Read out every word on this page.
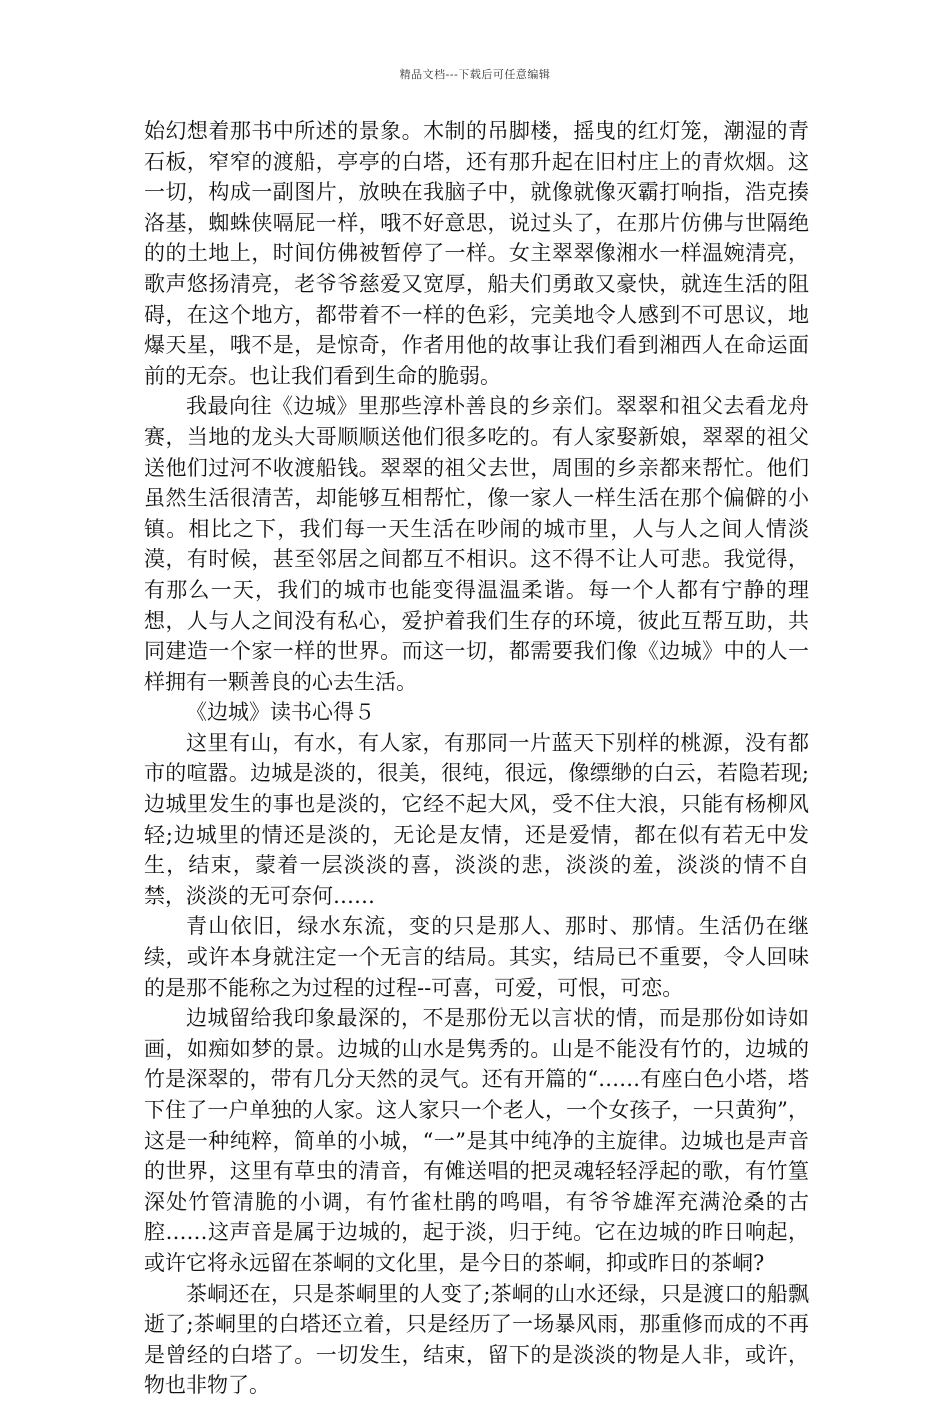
精品文档---下载后可任意编辑

始幻想着那书中所述的景象。木制的吊脚楼，摇曳的红灯笼，潮湿的青石板，窄窄的渡船，亭亭的白塔，还有那升起在旧村庄上的青炊烟。这一切，构成一副图片，放映在我脑子中，就像就像灭霸打响指，浩克揍洛基，蜘蛛侠嗝屁一样，哦不好意思，说过头了，在那片仿佛与世隔绝的的土地上，时间仿佛被暂停了一样。女主翠翠像湘水一样温婉清亮，歌声悠扬清亮，老爷爷慈爱又宽厚，船夫们勇敢又豪快，就连生活的阻碍，在这个地方，都带着不一样的色彩，完美地令人感到不可思议，地爆天星，哦不是，是惊奇，作者用他的故事让我们看到湘西人在命运面前的无奈。也让我们看到生命的脆弱。

我最向往《边城》里那些淳朴善良的乡亲们。翠翠和祖父去看龙舟赛，当地的龙头大哥顺顺送他们很多吃的。有人家娶新娘，翠翠的祖父送他们过河不收渡船钱。翠翠的祖父去世，周围的乡亲都来帮忙。他们虽然生活很清苦，却能够互相帮忙，像一家人一样生活在那个偏僻的小镇。相比之下，我们每一天生活在吵闹的城市里，人与人之间人情淡漠，有时候，甚至邻居之间都互不相识。这不得不让人可悲。我觉得，有那么一天，我们的城市也能变得温温柔谐。每一个人都有宁静的理想，人与人之间没有私心，爱护着我们生存的环境，彼此互帮互助，共同建造一个家一样的世界。而这一切，都需要我们像《边城》中的人一样拥有一颗善良的心去生活。

《边城》读书心得５

这里有山，有水，有人家，有那同一片蓝天下别样的桃源，没有都市的喧嚣。边城是淡的，很美，很纯，很远，像缥缈的白云，若隐若现;边城里发生的事也是淡的，它经不起大风，受不住大浪，只能有杨柳风轻;边城里的情还是淡的，无论是友情，还是爱情，都在似有若无中发生，结束，蒙着一层淡淡的喜，淡淡的悲，淡淡的羞，淡淡的情不自禁，淡淡的无可奈何……

青山依旧，绿水东流，变的只是那人、那时、那情。生活仍在继续，或许本身就注定一个无言的结局。其实，结局已不重要，令人回味的是那不能称之为过程的过程--可喜，可爱，可恨，可恋。

边城留给我印象最深的，不是那份无以言状的情，而是那份如诗如画，如痴如梦的景。边城的山水是隽秀的。山是不能没有竹的，边城的竹是深翠的，带有几分天然的灵气。还有开篇的“……有座白色小塔，塔下住了一户单独的人家。这人家只一个老人，一个女孩子，一只黄狗”，这是一种纯粹，简单的小城，“一”是其中纯净的主旋律。边城也是声音的世界，这里有草虫的清音，有傩送唱的把灵魂轻轻浮起的歌，有竹篁深处竹管清脆的小调，有竹雀杜鹃的鸣唱，有爷爷雄浑充满沧桑的古腔……这声音是属于边城的，起于淡，归于纯。它在边城的昨日响起，或许它将永远留在茶峒的文化里，是今日的茶峒，抑或昨日的茶峒?

茶峒还在，只是茶峒里的人变了;茶峒的山水还绿，只是渡口的船飘逝了;茶峒里的白塔还立着，只是经历了一场暴风雨，那重修而成的不再是曾经的白塔了。一切发生，结束，留下的是淡淡的物是人非，或许，物也非物了。
